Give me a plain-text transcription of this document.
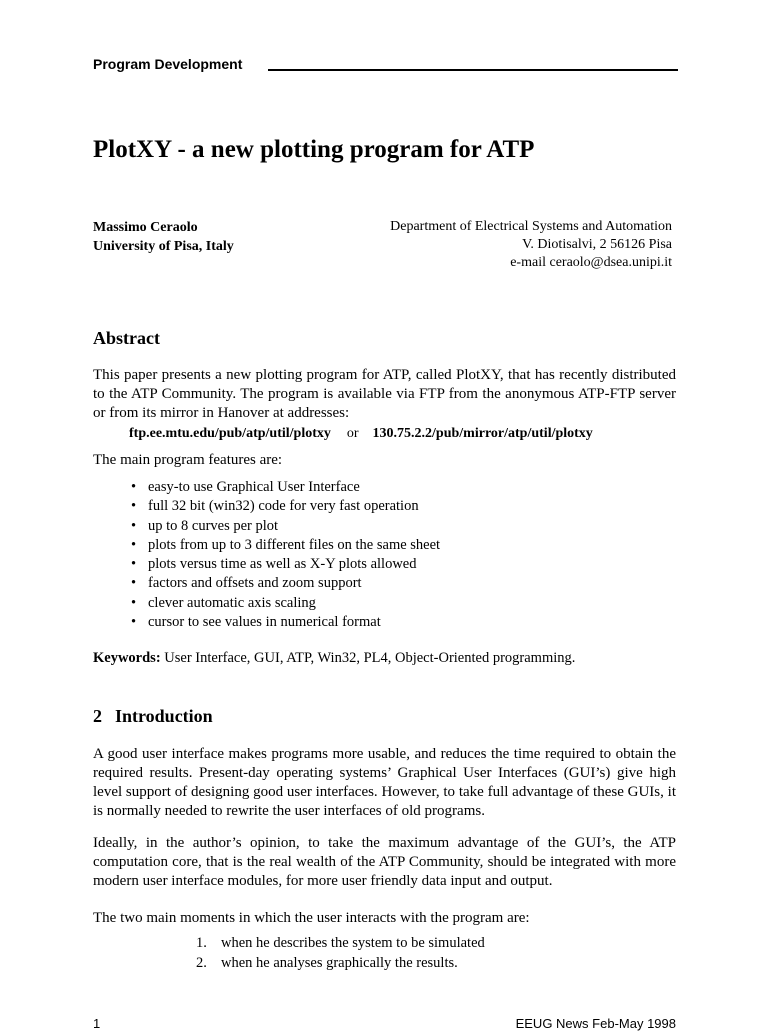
Program Development
PlotXY - a new plotting program for ATP
Massimo Ceraolo
University of Pisa, Italy
Department of Electrical Systems and Automation
V. Diotisalvi, 2 56126 Pisa
e-mail ceraolo@dsea.unipi.it
Abstract

This paper presents a new plotting program for ATP, called PlotXY, that has recently distributed to the ATP Community. The program is available via FTP from the anonymous ATP-FTP server or from its mirror in Hanover at addresses:

ftp.ee.mtu.edu/pub/atp/util/plotxy or 130.75.2.2/pub/mirror/atp/util/plotxy

The main program features are:

• easy-to use Graphical User Interface
• full 32 bit (win32) code for very fast operation
• up to 8 curves per plot
• plots from up to 3 different files on the same sheet
• plots versus time as well as X-Y plots allowed
• factors and offsets and zoom support
• clever automatic axis scaling
• cursor to see values in numerical format

Keywords: User Interface, GUI, ATP, Win32, PL4, Object-Oriented programming.

2 Introduction

A good user interface makes programs more usable, and reduces the time required to obtain the required results. Present-day operating systems’ Graphical User Interfaces (GUI’s) give high level support of designing good user interfaces. However, to take full advantage of these GUIs, it is normally needed to rewrite the user interfaces of old programs.

Ideally, in the author’s opinion, to take the maximum advantage of the GUI’s, the ATP computation core, that is the real wealth of the ATP Community, should be integrated with more modern user interface modules, for more user friendly data input and output.

The two main moments in which the user interacts with the program are:

1. when he describes the system to be simulated
2. when he analyses graphically the results.
1	EEUG News Feb-May 1998
